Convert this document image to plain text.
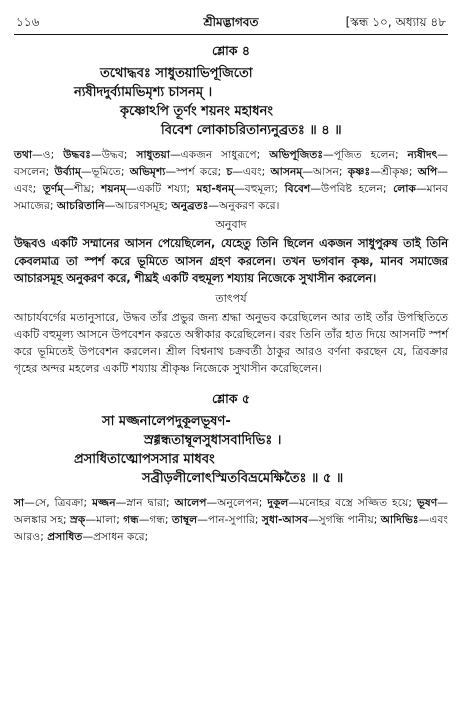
১১৬	শ্রীমদ্ভাগবত	[স্কন্ধ ১০, অধ্যায় ৪৮
শ্লোক ৪
তথোদ্ধবঃ সাধুতয়াভিপূজিতো
ন্যষীদদুর্ব্যামভিমৃশ্য চাসনম্‌ ।
কৃষ্ণোঽপি তূর্ণং শয়নং মহাধনং
বিবেশ লোকাচরিতান্যনুব্রতঃ ॥ ৪ ॥

তথা—ও; উদ্ধবঃ—উদ্ধব; সাধুতয়া—একজন সাধুরূপে; অভিপূজিতঃ—পূজিত হলেন; ন্যষীদৎ—বসলেন; উর্ব্যাম্‌—ভূমিতে; অভিমৃশ্য—স্পর্শ করে; চ—এবং; আসনম্‌—আসন; কৃষ্ণঃ—শ্রীকৃষ্ণ; অপি—এবং; তূর্ণম্‌—শীঘ্র; শয়নম্‌—একটি শয্যা; মহা-ধনম্‌—বহুমূল্য; বিবেশ—উপবিষ্ট হলেন; লোক—মানব সমাজের; আচরিতানি—আচরণসমূহ; অনুব্রতঃ—অনুকরণ করে।

অনুবাদ

উদ্ধবও একটি সম্মানের আসন পেয়েছিলেন, যেহেতু তিনি ছিলেন একজন সাধুপুরুষ তাই তিনি কেবলমাত্র তা স্পর্শ করে ভূমিতে আসন গ্রহণ করলেন। তখন ভগবান কৃষ্ণ, মানব সমাজের আচারসমূহ অনুকরণ করে, শীঘ্রই একটি বহুমূল্য শয্যায় নিজেকে সুখাসীন করলেন।

তাৎপর্য

আচার্যবর্গের মতানুসারে, উদ্ধব তাঁর প্রভুর জন্য শ্রদ্ধা অনুভব করেছিলেন আর তাই তাঁর উপস্থিতিতে একটি বহুমূল্য আসনে উপবেশন করতে অস্বীকার করেছিলেন। বরং তিনি তাঁর হাত দিয়ে আসনটি স্পর্শ করে ভূমিতেই উপবেশন করলেন। শ্রীল বিশ্বনাথ চক্রবর্তী ঠাকুর আরও বর্ণনা করছেন যে, ত্রিবক্রার গৃহের অন্দর মহলের একটি শয্যায় শ্রীকৃষ্ণ নিজেকে সুখাসীন করেছিলেন।

শ্লোক ৫
সা মজ্জনালেপদুকূলভূষণ-
স্রগ্গন্ধতাম্বূলসুধাসবাদিভিঃ ।
প্রসাধিতাত্মোপসসার মাধবং
সব্রীড়লীলোৎস্মিতবিভ্রমেক্ষিতৈঃ ॥ ৫ ॥

সা—সে, ত্রিবক্রা; মজ্জন—স্নান দ্বারা; আলেপ—অনুলেপন; দুকূল—মনোহর বস্ত্রে সজ্জিত হয়ে; ভূষণ—অলঙ্কার সহ; স্রক্‌—মালা; গন্ধ—গন্ধ; তাম্বূল—পান-সুপারি; সুধা-আসব—সুগন্ধি পানীয়; আদিভিঃ—এবং আরও; প্রসাধিত—প্রসাধন করে;
